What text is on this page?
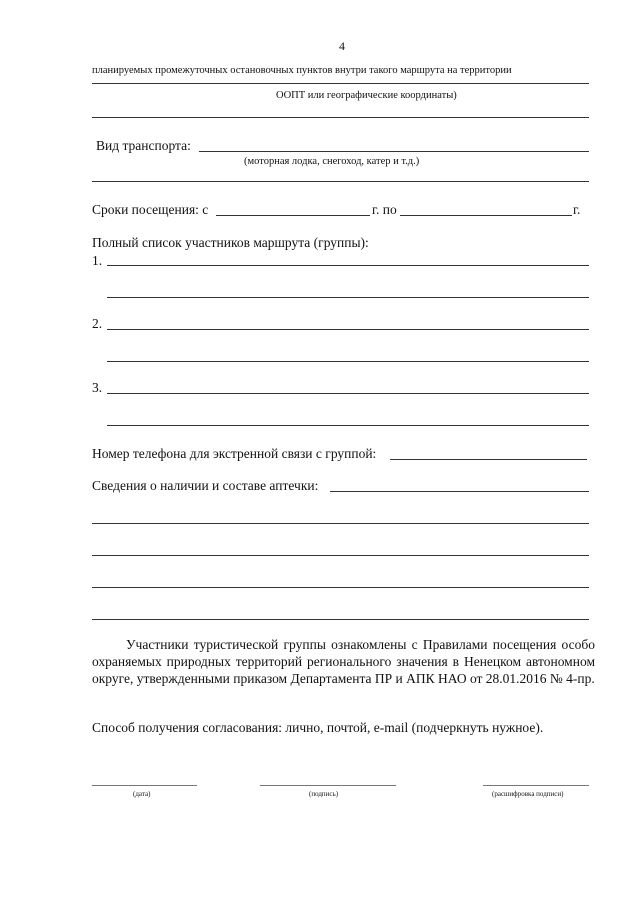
4
планируемых промежуточных остановочных пунктов внутри такого маршрута на территории
ООПТ или географические координаты)
Вид транспорта:
(моторная лодка, снегоход, катер и т.д.)
Сроки посещения: с	г. по	г.
Полный список участников маршрута (группы):
1.
2.
3.
Номер телефона для экстренной связи с группой:
Сведения о наличии и составе аптечки:
Участники туристической группы ознакомлены с Правилами посещения особо охраняемых природных территорий регионального значения в Ненецком автономном округе, утвержденными приказом Департамента ПР и АПК НАО от 28.01.2016 № 4-пр.
Способ получения согласования: лично, почтой, e-mail (подчеркнуть нужное).
(дата)	(подпись)	(расшифровка подписи)
